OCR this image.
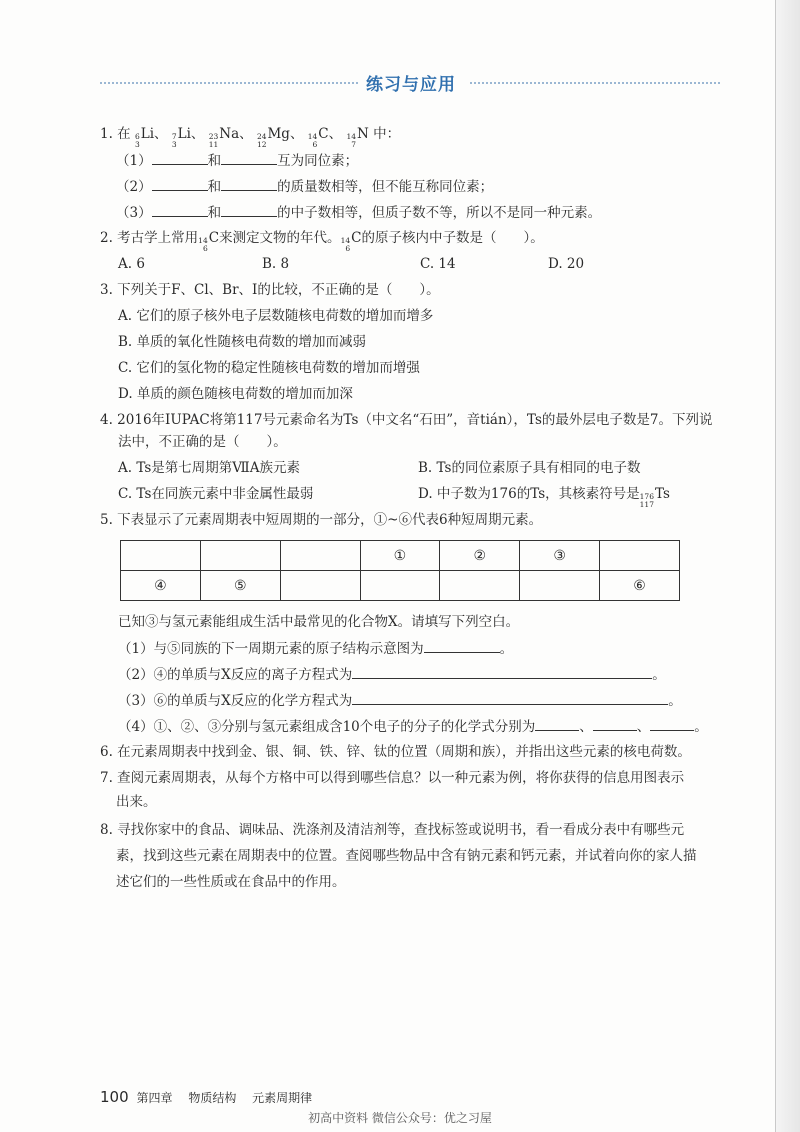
练习与应用
1. 在 6
3
Li 、 7
3
Li 、 23
11
Na 、 24
12
Mg 、 14
6
C 、 14
7
N 中：
（1）	和	互为同位素；
（2）	和	的质量数相等，但不能互称同位素；
（3）	和	的中子数相等，但质子数不等，所以不是同一种元素。
2. 考古学上常用 14
6
C 来测定文物的年代。 14
6
C 的原子核内中子数是（　　）。
A. 6	B. 8	C. 14	D. 20
3. 下列关于F、Cl、Br、I的比较，不正确的是（　　）。
A. 它们的原子核外电子层数随核电荷数的增加而增多
B. 单质的氧化性随核电荷数的增加而减弱
C. 它们的氢化物的稳定性随核电荷数的增加而增强
D. 单质的颜色随核电荷数的增加而加深
4. 2016年IUPAC将第117号元素命名为Ts（中文名“石田”，音tián），Ts的最外层电子数是7。下列说
法中，不正确的是（　　）。
A. Ts是第七周期第ⅦA族元素	B. Ts的同位素原子具有相同的电子数
C. Ts在同族元素中非金属性最弱	D. 中子数为176的Ts，其核素符号是 176
117
Ts
5. 下表显示了元素周期表中短周期的一部分，①~⑥代表6种短周期元素。
			①	②	③	
④	⑤					⑥
已知③与氢元素能组成生活中最常见的化合物X。请填写下列空白。
（1）与⑤同族的下一周期元素的原子结构示意图为	。
（2）④的单质与X反应的离子方程式为	。
（3）⑥的单质与X反应的化学方程式为	。
（4）①、②、③分别与氢元素组成含10个电子的分子的化学式分别为	、	、	。
6. 在元素周期表中找到金、银、铜、铁、锌、钛的位置（周期和族），并指出这些元素的核电荷数。
7. 查阅元素周期表，从每个方格中可以得到哪些信息？以一种元素为例，将你获得的信息用图表示
出来。
8. 寻找你家中的食品、调味品、洗涤剂及清洁剂等，查找标签或说明书，看一看成分表中有哪些元
素，找到这些元素在周期表中的位置。查阅哪些物品中含有钠元素和钙元素，并试着向你的家人描
述它们的一些性质或在食品中的作用。
100 第四章 物质结构 元素周期律
初高中资料 微信公众号：优之习屋
